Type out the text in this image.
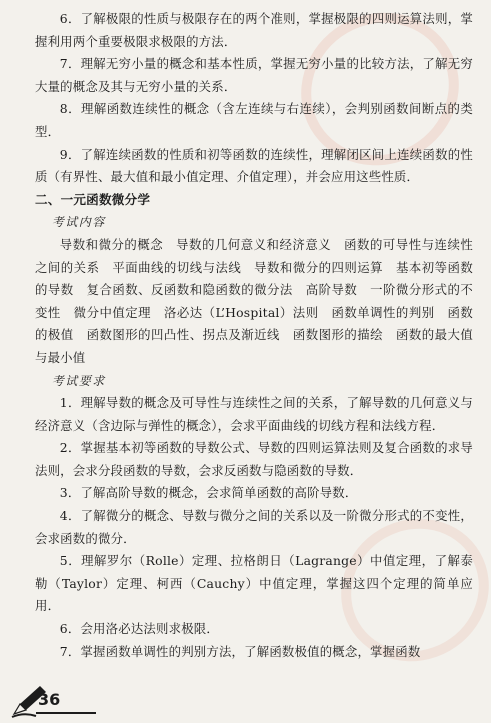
6．了解极限的性质与极限存在的两个准则，掌握极限的四则运算法则，掌握利用两个重要极限求极限的方法．

7．理解无穷小量的概念和基本性质，掌握无穷小量的比较方法，了解无穷大量的概念及其与无穷小量的关系．

8．理解函数连续性的概念（含左连续与右连续），会判别函数间断点的类型．

9．了解连续函数的性质和初等函数的连续性，理解闭区间上连续函数的性质（有界性、最大值和最小值定理、介值定理），并会应用这些性质．

二、一元函数微分学

考试内容

导数和微分的概念　导数的几何意义和经济意义　函数的可导性与连续性之间的关系　平面曲线的切线与法线　导数和微分的四则运算　基本初等函数的导数　复合函数、反函数和隐函数的微分法　高阶导数　一阶微分形式的不变性　微分中值定理　洛必达（L’Hospital）法则　函数单调性的判别　函数的极值　函数图形的凹凸性、拐点及渐近线　函数图形的描绘　函数的最大值与最小值

考试要求

1．理解导数的概念及可导性与连续性之间的关系，了解导数的几何意义与经济意义（含边际与弹性的概念），会求平面曲线的切线方程和法线方程．

2．掌握基本初等函数的导数公式、导数的四则运算法则及复合函数的求导法则，会求分段函数的导数，会求反函数与隐函数的导数．

3．了解高阶导数的概念，会求简单函数的高阶导数．

4．了解微分的概念、导数与微分之间的关系以及一阶微分形式的不变性，会求函数的微分．

5．理解罗尔（Rolle）定理、拉格朗日（Lagrange）中值定理，了解泰勒（Taylor）定理、柯西（Cauchy）中值定理，掌握这四个定理的简单应用．

6．会用洛必达法则求极限．

7．掌握函数单调性的判别方法，了解函数极值的概念，掌握函数

36
